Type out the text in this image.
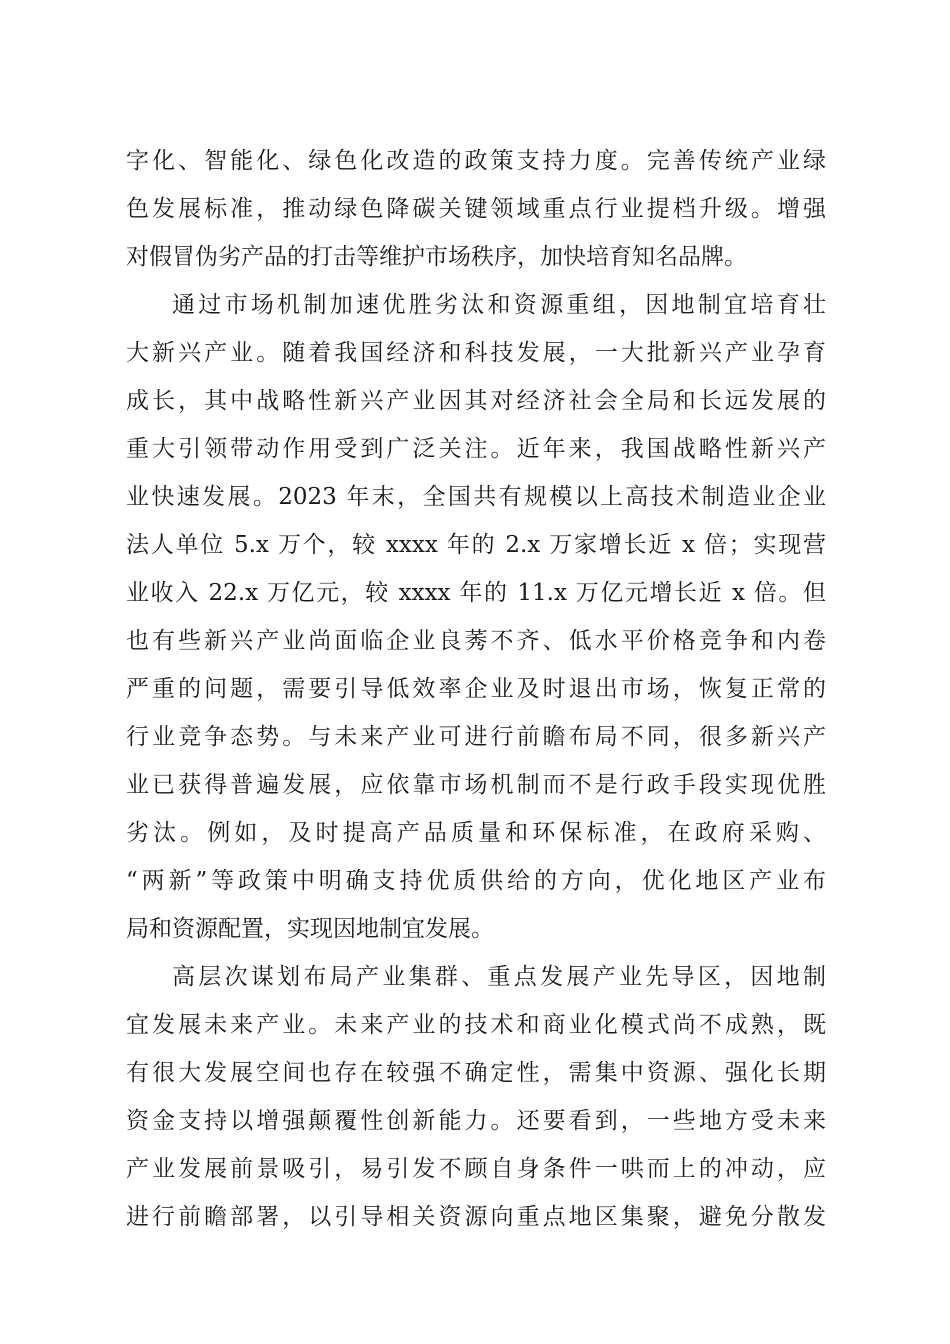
字化、智能化、绿色化改造的政策支持力度。完善传统产业绿
色发展标准，推动绿色降碳关键领域重点行业提档升级。增强
对假冒伪劣产品的打击等维护市场秩序，加快培育知名品牌。
通过市场机制加速优胜劣汰和资源重组，因地制宜培育壮
大新兴产业。随着我国经济和科技发展，一大批新兴产业孕育
成长，其中战略性新兴产业因其对经济社会全局和长远发展的
重大引领带动作用受到广泛关注。近年来，我国战略性新兴产
业快速发展。2023 年末，全国共有规模以上高技术制造业企业
法人单位 5.x 万个，较 xxxx 年的 2.x 万家增长近 x 倍；实现营
业收入 22.x 万亿元，较 xxxx 年的 11.x 万亿元增长近 x 倍。但
也有些新兴产业尚面临企业良莠不齐、低水平价格竞争和内卷
严重的问题，需要引导低效率企业及时退出市场，恢复正常的
行业竞争态势。与未来产业可进行前瞻布局不同，很多新兴产
业已获得普遍发展，应依靠市场机制而不是行政手段实现优胜
劣汰。例如，及时提高产品质量和环保标准，在政府采购、
“两新”等政策中明确支持优质供给的方向，优化地区产业布
局和资源配置，实现因地制宜发展。
高层次谋划布局产业集群、重点发展产业先导区，因地制
宜发展未来产业。未来产业的技术和商业化模式尚不成熟，既
有很大发展空间也存在较强不确定性，需集中资源、强化长期
资金支持以增强颠覆性创新能力。还要看到，一些地方受未来
产业发展前景吸引，易引发不顾自身条件一哄而上的冲动，应
进行前瞻部署，以引导相关资源向重点地区集聚，避免分散发
